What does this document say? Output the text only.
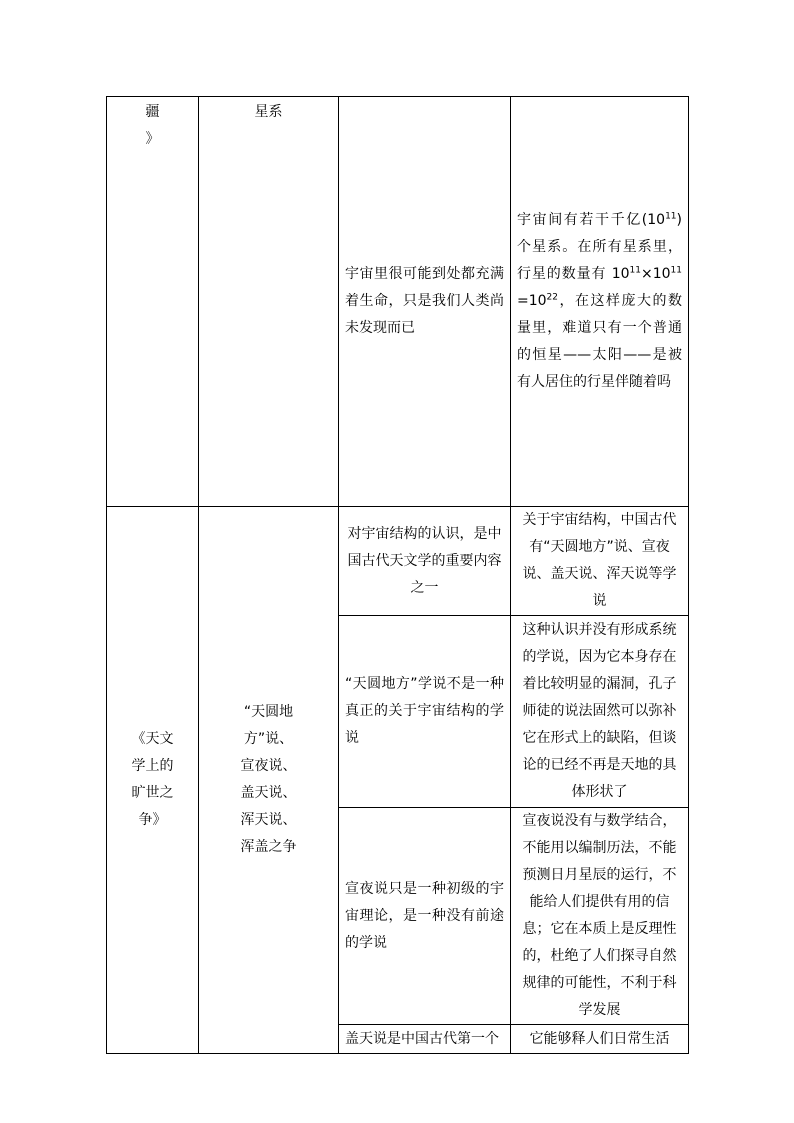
疆
》	星系	宇宙里很可能到处都充满着生命，只是我们人类尚未发现而已	宇宙间有若干千亿$(10^{11})$个星系。在所有星系里，行星的数量有 $10^{11}\times 10^{11}=10^{22}$，在这样庞大的数量里，难道只有一个普通的恒星——太阳——是被有人居住的行星伴随着吗

《天文学上的旷世之争》	“天圆地方”说、宣夜说、盖天说、浑天说、浑盖之争	对宇宙结构的认识，是中国古代天文学的重要内容之一	关于宇宙结构，中国古代有“天圆地方”说、宣夜说、盖天说、浑天说等学说

		“天圆地方”学说不是一种真正的关于宇宙结构的学说	这种认识并没有形成系统的学说，因为它本身存在着比较明显的漏洞，孔子师徒的说法固然可以弥补它在形式上的缺陷，但谈论的已经不再是天地的具体形状了

		宣夜说只是一种初级的宇宙理论，是一种没有前途的学说	宣夜说没有与数学结合，不能用以编制历法，不能预测日月星辰的运行，不能给人们提供有用的信息；它在本质上是反理性的，杜绝了人们探寻自然规律的可能性，不利于科学发展

		盖天说是中国古代第一个	它能够释人们日常生活
